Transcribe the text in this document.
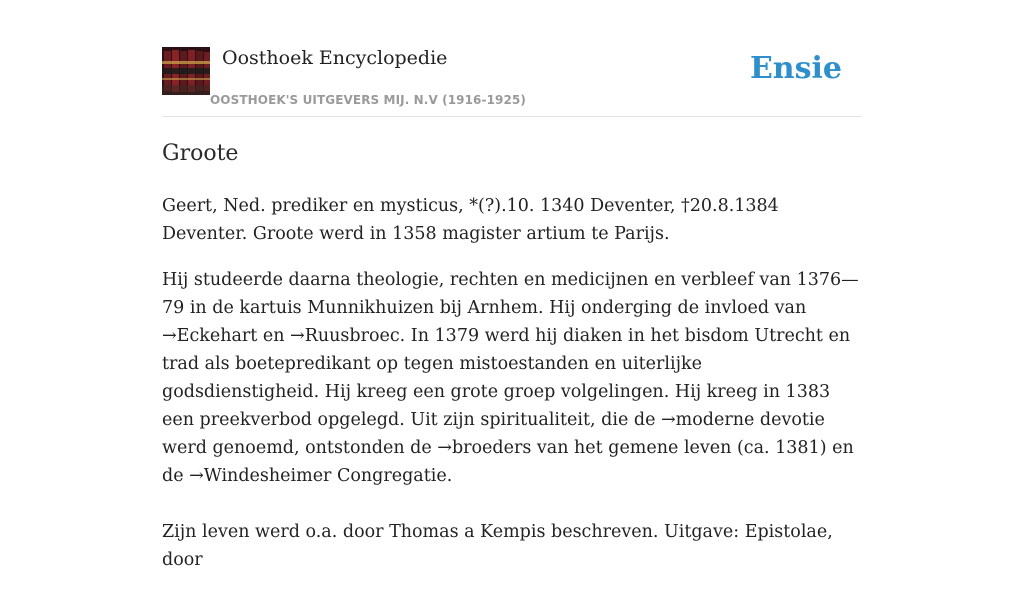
Oosthoek Encyclopedie
OOSTHOEK'S UITGEVERS MIJ. N.V (1916-1925)
Ensie
Groote

Geert, Ned. prediker en mysticus, *(?).10. 1340 Deventer, †20.8.1384 Deventer. Groote werd in 1358 magister artium te Parijs.

Hij studeerde daarna theologie, rechten en medicijnen en verbleef van 1376—79 in de kartuis Munnikhuizen bij Arnhem. Hij onderging de invloed van →Eckehart en →Ruusbroec. In 1379 werd hij diaken in het bisdom Utrecht en trad als boetepredikant op tegen mistoestanden en uiterlijke godsdienstigheid. Hij kreeg een grote groep volgelingen. Hij kreeg in 1383 een preekverbod opgelegd. Uit zijn spiritualiteit, die de →moderne devotie werd genoemd, ontstonden de →broeders van het gemene leven (ca. 1381) en de →Windesheimer Congregatie.

Zijn leven werd o.a. door Thomas a Kempis beschreven. Uitgave: Epistolae, door
